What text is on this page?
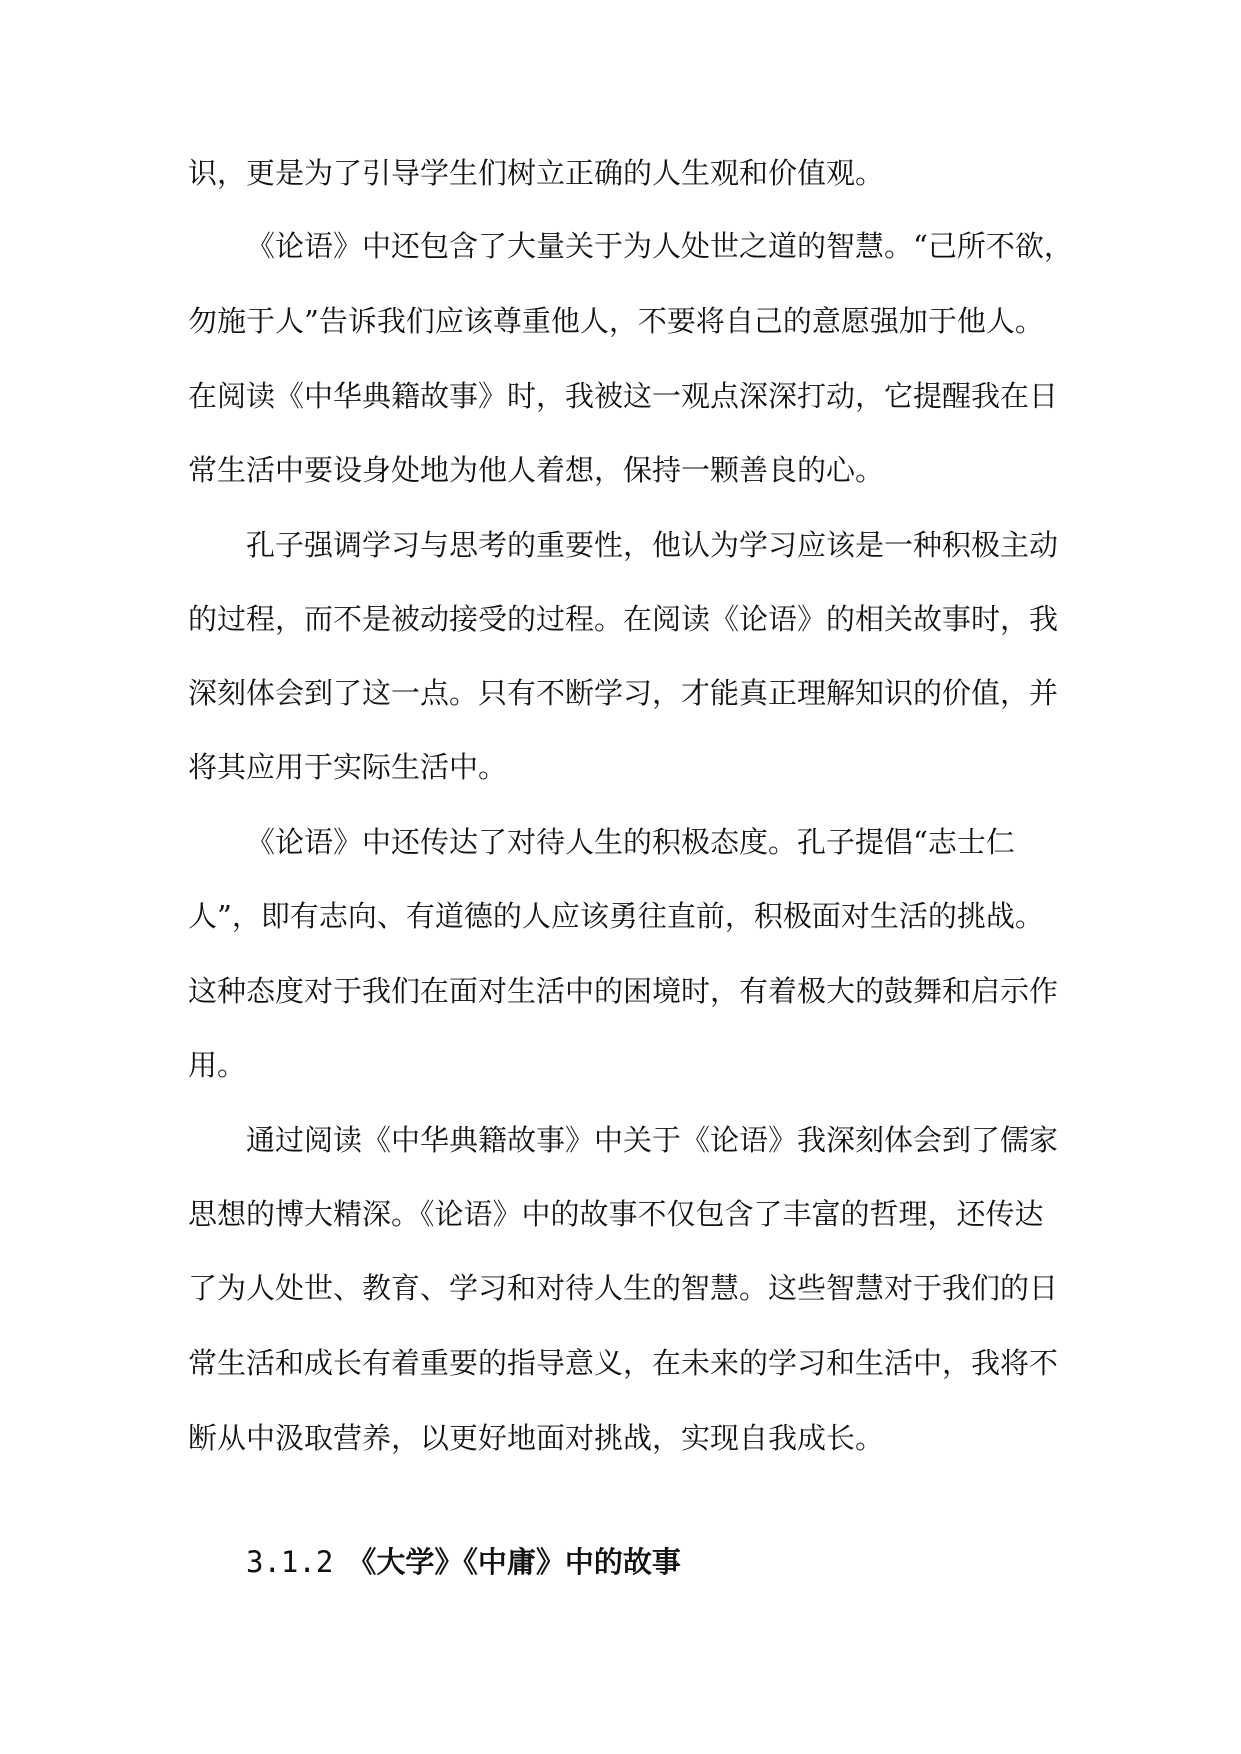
识，更是为了引导学生们树立正确的人生观和价值观。
《论语》中还包含了大量关于为人处世之道的智慧。“己所不欲，
勿施于人”告诉我们应该尊重他人，不要将自己的意愿强加于他人。
在阅读《中华典籍故事》时，我被这一观点深深打动，它提醒我在日
常生活中要设身处地为他人着想，保持一颗善良的心。
孔子强调学习与思考的重要性，他认为学习应该是一种积极主动
的过程，而不是被动接受的过程。在阅读《论语》的相关故事时，我
深刻体会到了这一点。只有不断学习，才能真正理解知识的价值，并
将其应用于实际生活中。
《论语》中还传达了对待人生的积极态度。孔子提倡“志士仁
人”，即有志向、有道德的人应该勇往直前，积极面对生活的挑战。
这种态度对于我们在面对生活中的困境时，有着极大的鼓舞和启示作
用。
通过阅读《中华典籍故事》中关于《论语》我深刻体会到了儒家
思想的博大精深。《论语》中的故事不仅包含了丰富的哲理，还传达
了为人处世、教育、学习和对待人生的智慧。这些智慧对于我们的日
常生活和成长有着重要的指导意义，在未来的学习和生活中，我将不
断从中汲取营养，以更好地面对挑战，实现自我成长。
3.1.2 《大学》《中庸》中的故事
